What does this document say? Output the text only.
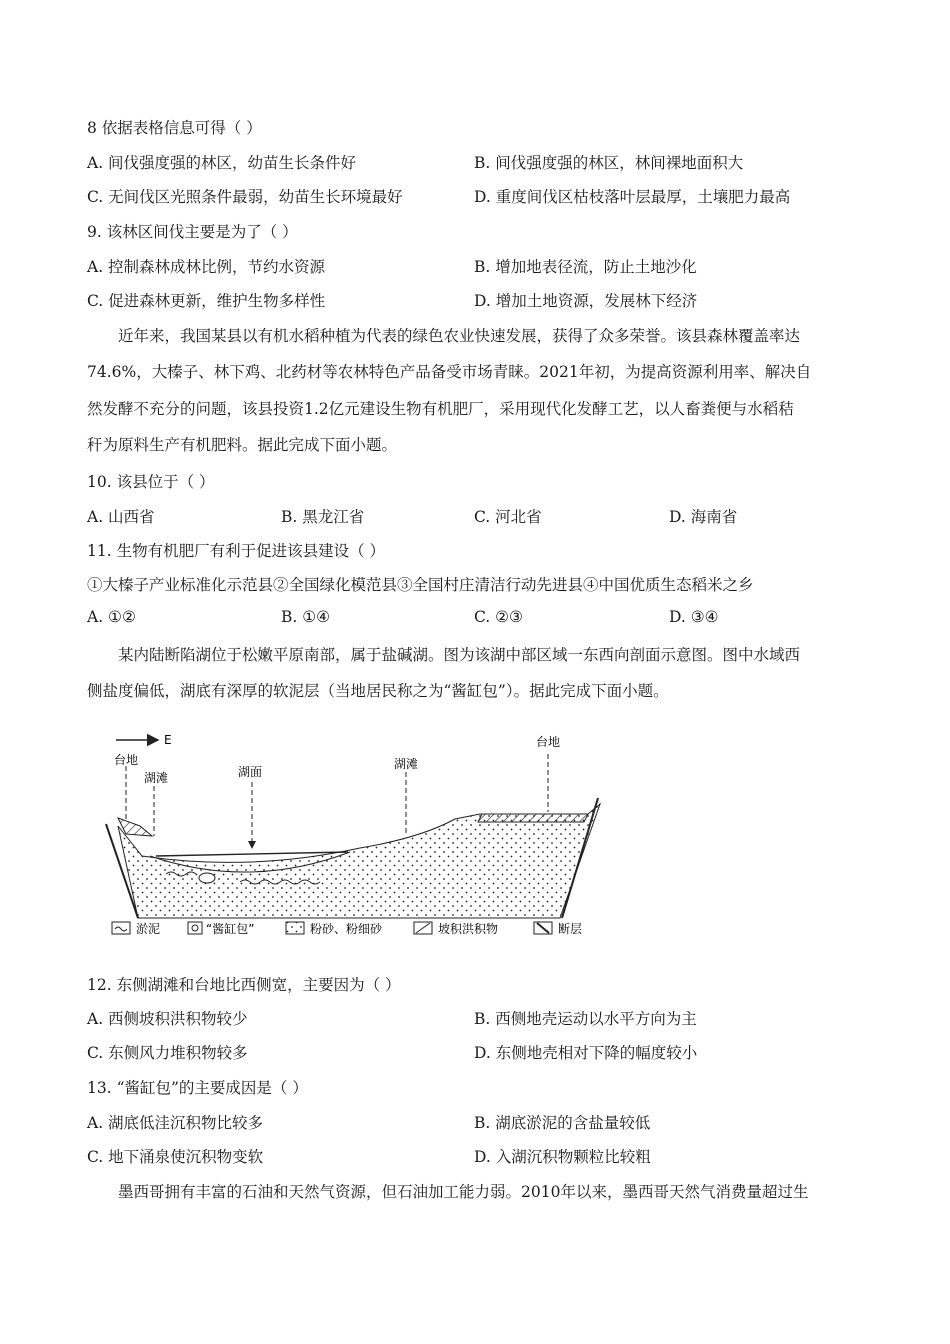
8 依据表格信息可得（ ）
A. 间伐强度强的林区，幼苗生长条件好	B. 间伐强度强的林区，林间裸地面积大
C. 无间伐区光照条件最弱，幼苗生长环境最好	D. 重度间伐区枯枝落叶层最厚，土壤肥力最高
9. 该林区间伐主要是为了（ ）
A. 控制森林成林比例，节约水资源	B. 增加地表径流，防止土地沙化
C. 促进森林更新，维护生物多样性	D. 增加土地资源，发展林下经济
近年来，我国某县以有机水稻种植为代表的绿色农业快速发展，获得了众多荣誉。该县森林覆盖率达
74.6%，大榛子、林下鸡、北药材等农林特色产品备受市场青睐。2021年初，为提高资源利用率、解决自
然发酵不充分的问题，该县投资1.2亿元建设生物有机肥厂，采用现代化发酵工艺，以人畜粪便与水稻秸
秆为原料生产有机肥料。据此完成下面小题。
10. 该县位于（ ）
A. 山西省	B. 黑龙江省	C. 河北省	D. 海南省
11. 生物有机肥厂有利于促进该县建设（ ）
①大榛子产业标准化示范县②全国绿化模范县③全国村庄清洁行动先进县④中国优质生态稻米之乡
A. ①②	B. ①④	C. ②③	D. ③④
某内陆断陷湖位于松嫩平原南部，属于盐碱湖。图为该湖中部区域一东西向剖面示意图。图中水域西
侧盐度偏低，湖底有深厚的软泥层（当地居民称之为“酱缸包”）。据此完成下面小题。
E
台地
湖滩	湖面
湖滩
台地
淤泥	“酱缸包”	粉砂、粉细砂	坡积洪积物	断层
12. 东侧湖滩和台地比西侧宽，主要因为（ ）
A. 西侧坡积洪积物较少	B. 西侧地壳运动以水平方向为主
C. 东侧风力堆积物较多	D. 东侧地壳相对下降的幅度较小
13. “酱缸包”的主要成因是（ ）
A. 湖底低洼沉积物比较多	B. 湖底淤泥的含盐量较低
C. 地下涌泉使沉积物变软	D. 入湖沉积物颗粒比较粗
墨西哥拥有丰富的石油和天然气资源，但石油加工能力弱。2010年以来，墨西哥天然气消费量超过生
